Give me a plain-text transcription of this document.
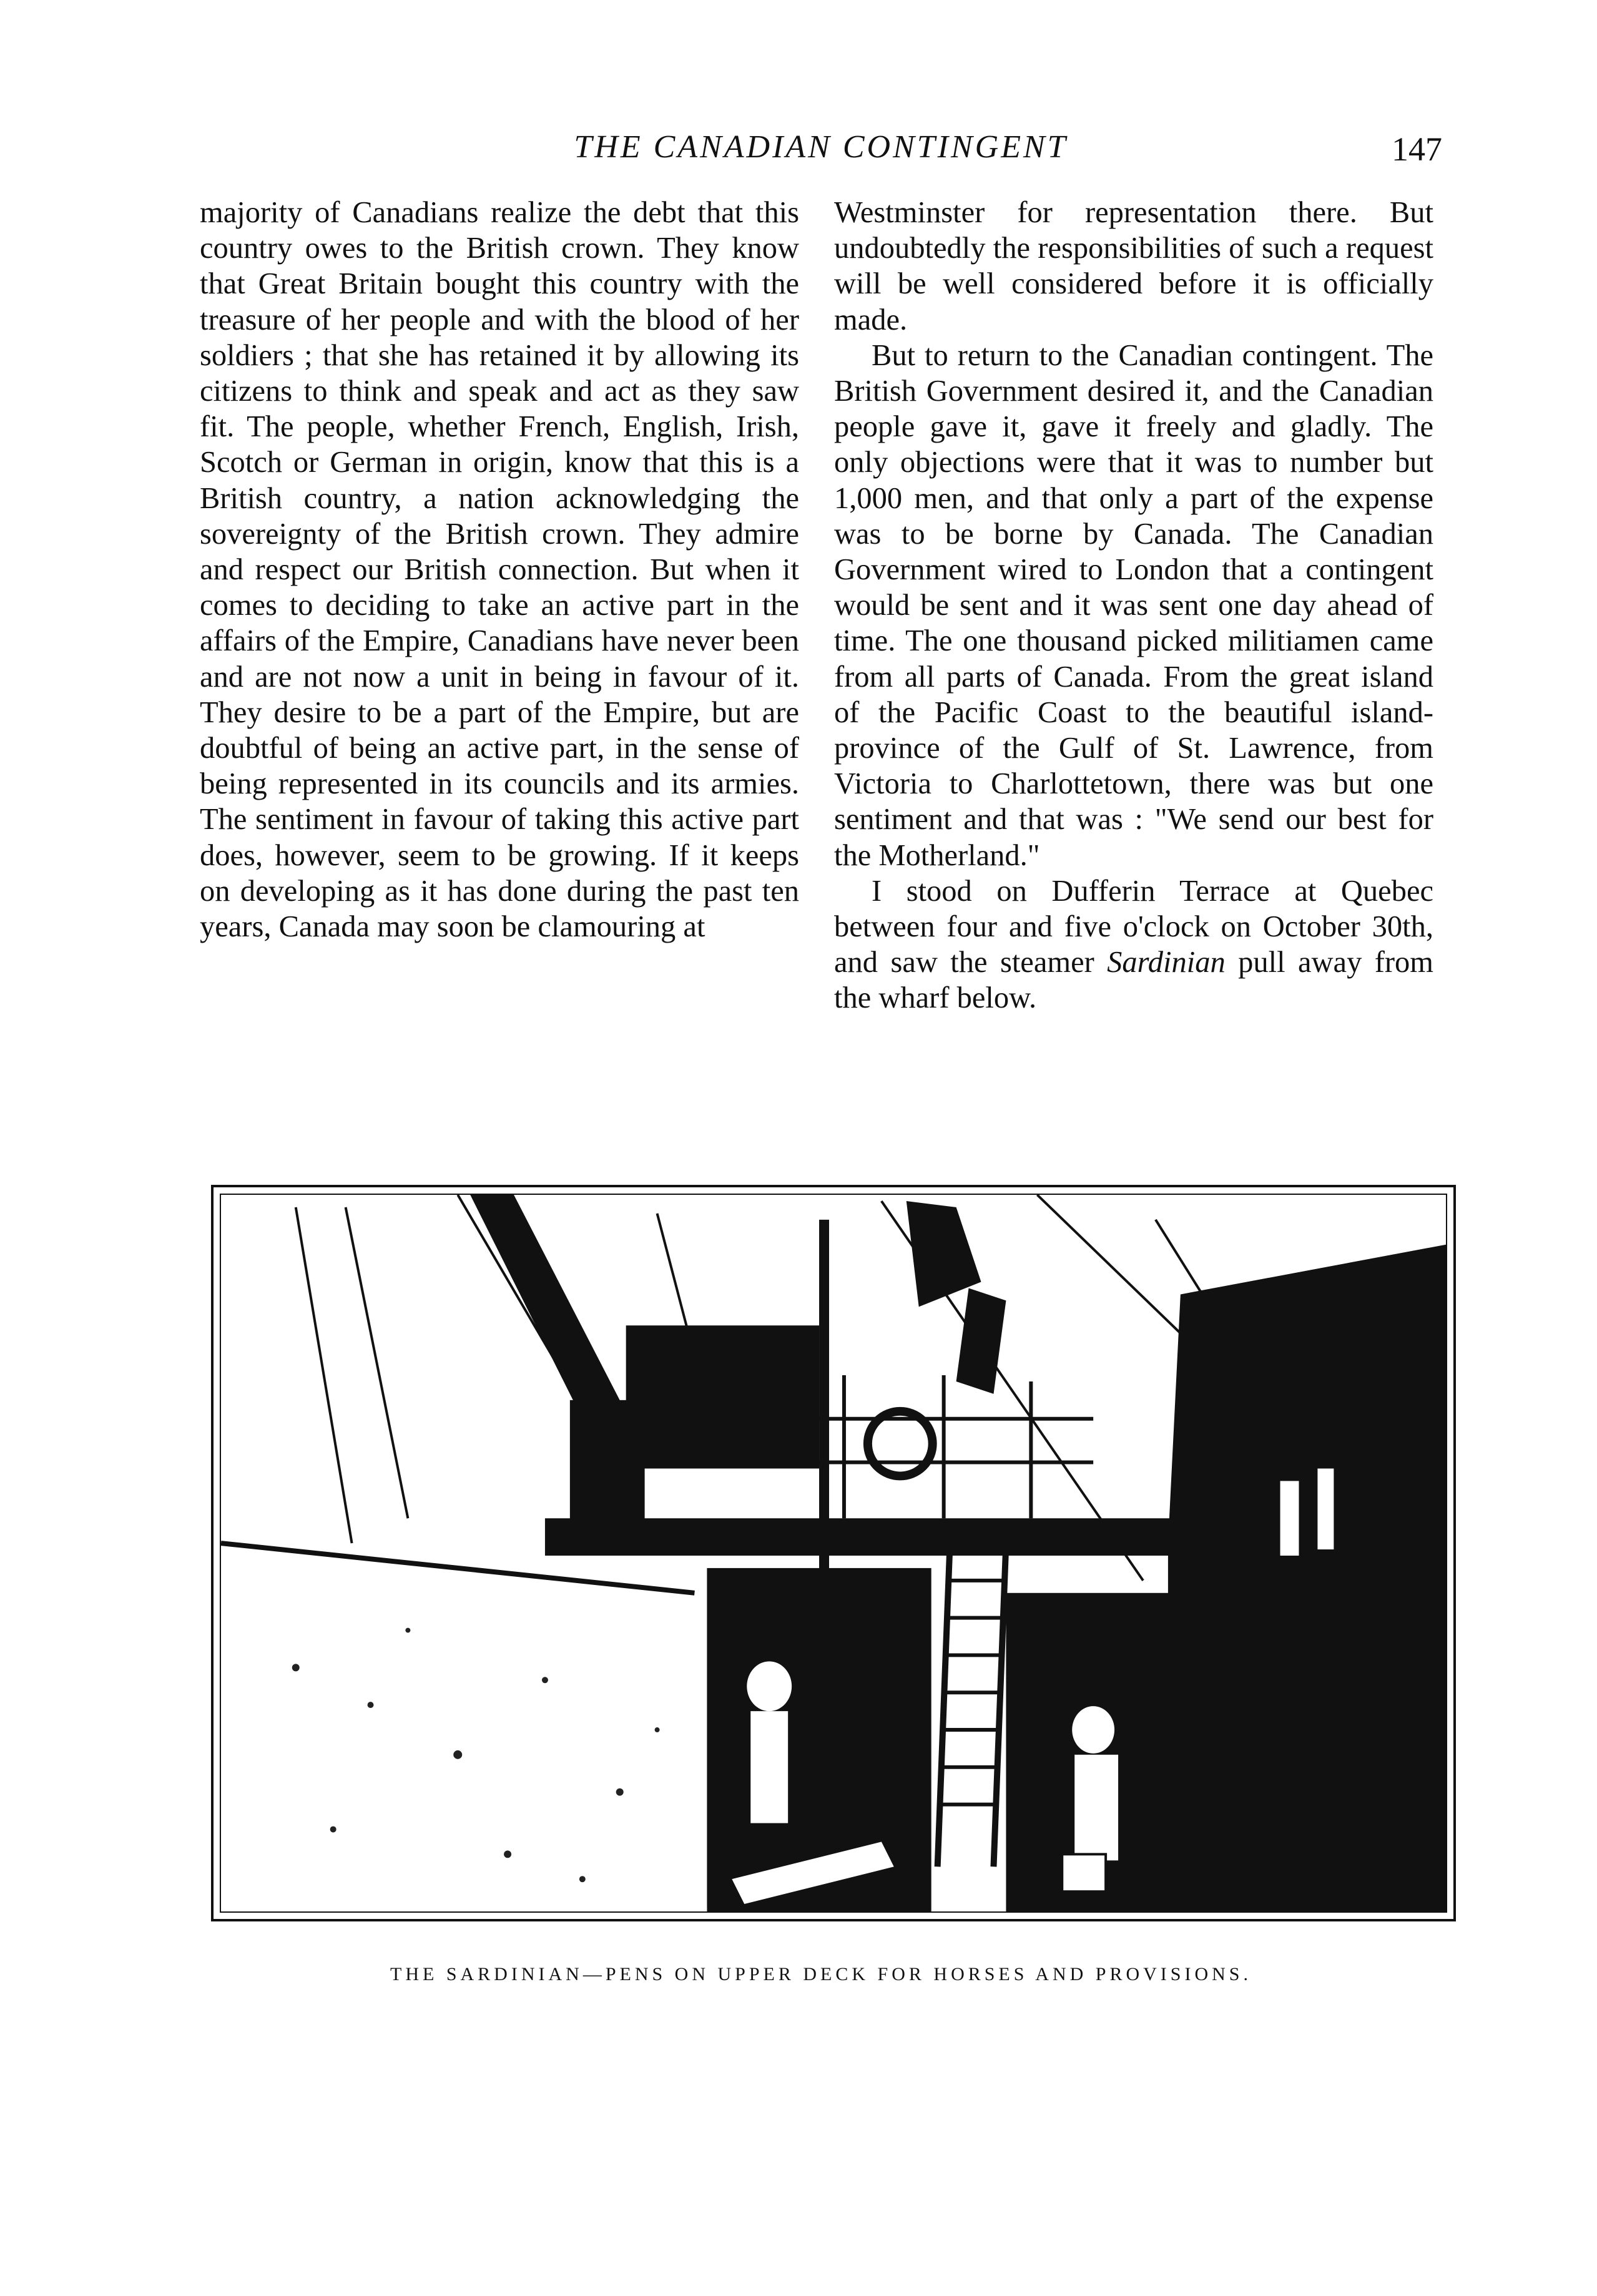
THE CANADIAN CONTINGENT	147

majority of Canadians realize the debt that this country owes to the British crown. They know that Great Britain bought this country with the treasure of her people and with the blood of her soldiers ; that she has retained it by allowing its citizens to think and speak and act as they saw fit. The people, whether French, English, Irish, Scotch or German in origin, know that this is a British country, a nation acknowledging the sovereignty of the British crown. They admire and respect our British connection. But when it comes to deciding to take an active part in the affairs of the Empire, Canadians have never been and are not now a unit in being in favour of it. They desire to be a part of the Empire, but are doubtful of being an active part, in the sense of being represented in its councils and its armies. The sentiment in favour of taking this active part does, however, seem to be growing. If it keeps on developing as it has done during the past ten years, Canada may soon be clamouring at

Westminster for representation there. But undoubtedly the responsibilities of such a request will be well considered before it is officially made.

But to return to the Canadian contingent. The British Government desired it, and the Canadian people gave it, gave it freely and gladly. The only objections were that it was to number but 1,000 men, and that only a part of the expense was to be borne by Canada. The Canadian Government wired to London that a contingent would be sent and it was sent one day ahead of time. The one thousand picked militiamen came from all parts of Canada. From the great island of the Pacific Coast to the beautiful island-province of the Gulf of St. Lawrence, from Victoria to Charlottetown, there was but one sentiment and that was : "We send our best for the Motherland."

I stood on Dufferin Terrace at Quebec between four and five o'clock on October 30th, and saw the steamer Sardinian pull away from the wharf below.

THE SARDINIAN—PENS ON UPPER DECK FOR HORSES AND PROVISIONS.
